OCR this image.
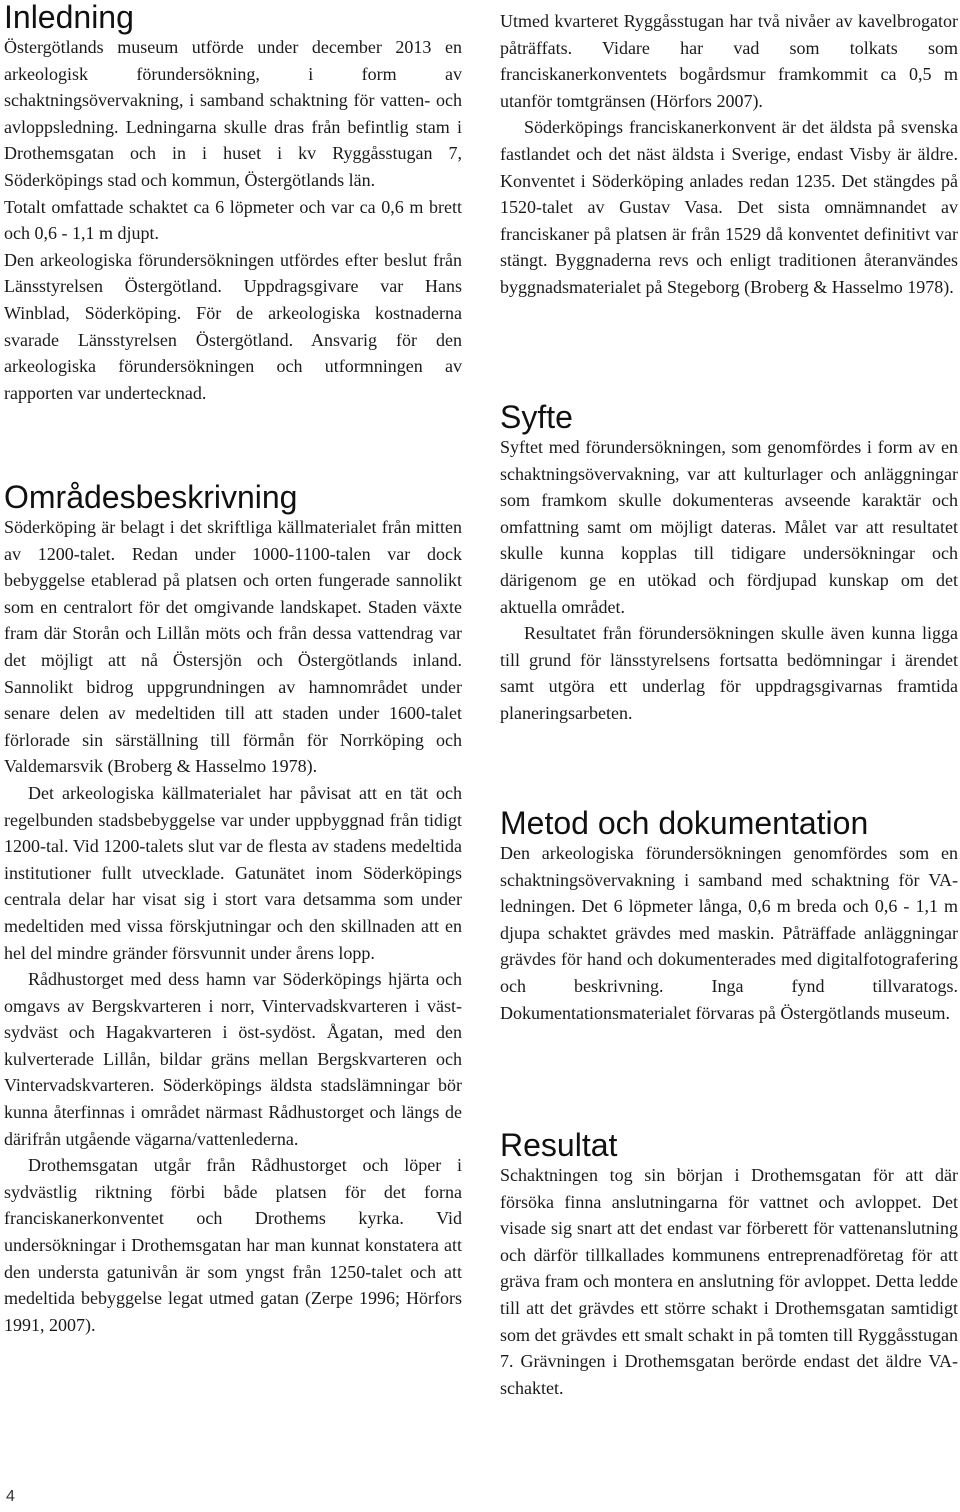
Inledning

Östergötlands museum utförde under december 2013 en arkeologisk förundersökning, i form av schaktningsövervakning, i samband schaktning för vatten- och avloppsledning. Ledningarna skulle dras från befintlig stam i Drothemsgatan och in i huset i kv Ryggåsstugan 7, Söderköpings stad och kommun, Östergötlands län.

Totalt omfattade schaktet ca 6 löpmeter och var ca 0,6 m brett och 0,6 - 1,1 m djupt.

Den arkeologiska förundersökningen utfördes efter beslut från Länsstyrelsen Östergötland. Uppdragsgivare var Hans Winblad, Söderköping. För de arkeologiska kostnaderna svarade Länsstyrelsen Östergötland. Ansvarig för den arkeologiska förundersökningen och utformningen av rapporten var undertecknad.

Områdesbeskrivning

Söderköping är belagt i det skriftliga källmaterialet från mitten av 1200-talet. Redan under 1000-1100-talen var dock bebyggelse etablerad på platsen och orten fungerade sannolikt som en centralort för det omgivande landskapet. Staden växte fram där Storån och Lillån möts och från dessa vattendrag var det möjligt att nå Östersjön och Östergötlands inland. Sannolikt bidrog uppgrundningen av hamnområdet under senare delen av medeltiden till att staden under 1600-talet förlorade sin särställning till förmån för Norrköping och Valdemarsvik (Broberg & Hasselmo 1978).

Det arkeologiska källmaterialet har påvisat att en tät och regelbunden stadsbebyggelse var under uppbyggnad från tidigt 1200-tal. Vid 1200-talets slut var de flesta av stadens medeltida institutioner fullt utvecklade. Gatunätet inom Söderköpings centrala delar har visat sig i stort vara detsamma som under medeltiden med vissa förskjutningar och den skillnaden att en hel del mindre gränder försvunnit under årens lopp.

Rådhustorget med dess hamn var Söderköpings hjärta och omgavs av Bergskvarteren i norr, Vintervadskvarteren i väst-sydväst och Hagakvarteren i öst-sydöst. Ågatan, med den kulverterade Lillån, bildar gräns mellan Bergskvarteren och Vintervadskvarteren. Söderköpings äldsta stadslämningar bör kunna återfinnas i området närmast Rådhustorget och längs de därifrån utgående vägarna/vattenlederna.

Drothemsgatan utgår från Rådhustorget och löper i sydvästlig riktning förbi både platsen för det forna franciskanerkonventet och Drothems kyrka. Vid undersökningar i Drothemsgatan har man kunnat konstatera att den understa gatunivån är som yngst från 1250-talet och att medeltida bebyggelse legat utmed gatan (Zerpe 1996; Hörfors 1991, 2007).

Utmed kvarteret Ryggåsstugan har två nivåer av kavelbrogator påträffats. Vidare har vad som tolkats som franciskanerkonventets bogårdsmur framkommit ca 0,5 m utanför tomtgränsen (Hörfors 2007).

Söderköpings franciskanerkonvent är det äldsta på svenska fastlandet och det näst äldsta i Sverige, endast Visby är äldre. Konventet i Söderköping anlades redan 1235. Det stängdes på 1520-talet av Gustav Vasa. Det sista omnämnandet av franciskaner på platsen är från 1529 då konventet definitivt var stängt. Byggnaderna revs och enligt traditionen återanvändes byggnadsmaterialet på Stegeborg (Broberg & Hasselmo 1978).

Syfte

Syftet med förundersökningen, som genomfördes i form av en schaktningsövervakning, var att kulturlager och anläggningar som framkom skulle dokumenteras avseende karaktär och omfattning samt om möjligt dateras. Målet var att resultatet skulle kunna kopplas till tidigare undersökningar och därigenom ge en utökad och fördjupad kunskap om det aktuella området.

Resultatet från förundersökningen skulle även kunna ligga till grund för länsstyrelsens fortsatta bedömningar i ärendet samt utgöra ett underlag för uppdragsgivarnas framtida planeringsarbeten.

Metod och dokumentation

Den arkeologiska förundersökningen genomfördes som en schaktningsövervakning i samband med schaktning för VA-ledningen. Det 6 löpmeter långa, 0,6 m breda och 0,6 - 1,1 m djupa schaktet grävdes med maskin. Påträffade anläggningar grävdes för hand och dokumenterades med digitalfotografering och beskrivning. Inga fynd tillvaratogs. Dokumentationsmaterialet förvaras på Östergötlands museum.

Resultat

Schaktningen tog sin början i Drothemsgatan för att där försöka finna anslutningarna för vattnet och avloppet. Det visade sig snart att det endast var förberett för vattenanslutning och därför tillkallades kommunens entreprenadföretag för att gräva fram och montera en anslutning för avloppet. Detta ledde till att det grävdes ett större schakt i Drothemsgatan samtidigt som det grävdes ett smalt schakt in på tomten till Ryggåsstugan 7. Grävningen i Drothemsgatan berörde endast det äldre VA-schaktet.

4
